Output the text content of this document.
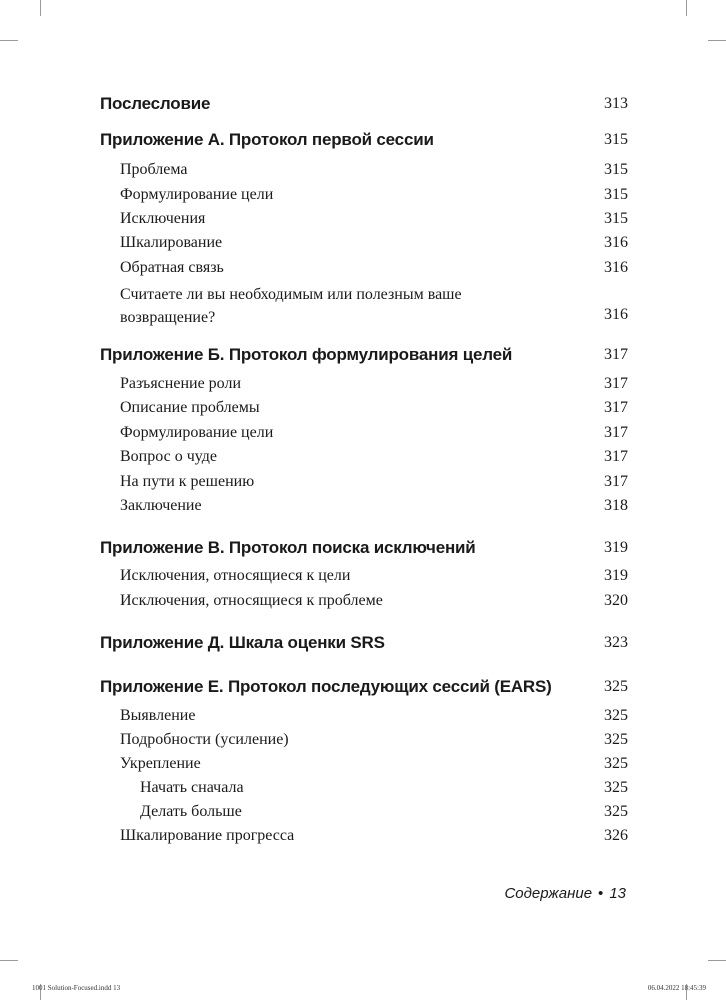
Послесловие	313
Приложение А. Протокол первой сессии	315
Проблема	315
Формулирование цели	315
Исключения	315
Шкалирование	316
Обратная связь	316
Считаете ли вы необходимым или полезным ваше возвращение?	316
Приложение Б. Протокол формулирования целей	317
Разъяснение роли	317
Описание проблемы	317
Формулирование цели	317
Вопрос о чуде	317
На пути к решению	317
Заключение	318
Приложение В. Протокол поиска исключений	319
Исключения, относящиеся к цели	319
Исключения, относящиеся к проблеме	320
Приложение Д. Шкала оценки SRS	323
Приложение Е. Протокол последующих сессий (EARS)	325
Выявление	325
Подробности (усиление)	325
Укрепление	325
Начать сначала	325
Делать больше	325
Шкалирование прогресса	326
Содержание • 13
1001 Solution-Focused.indd 13	06.04.2022 18:45:39
